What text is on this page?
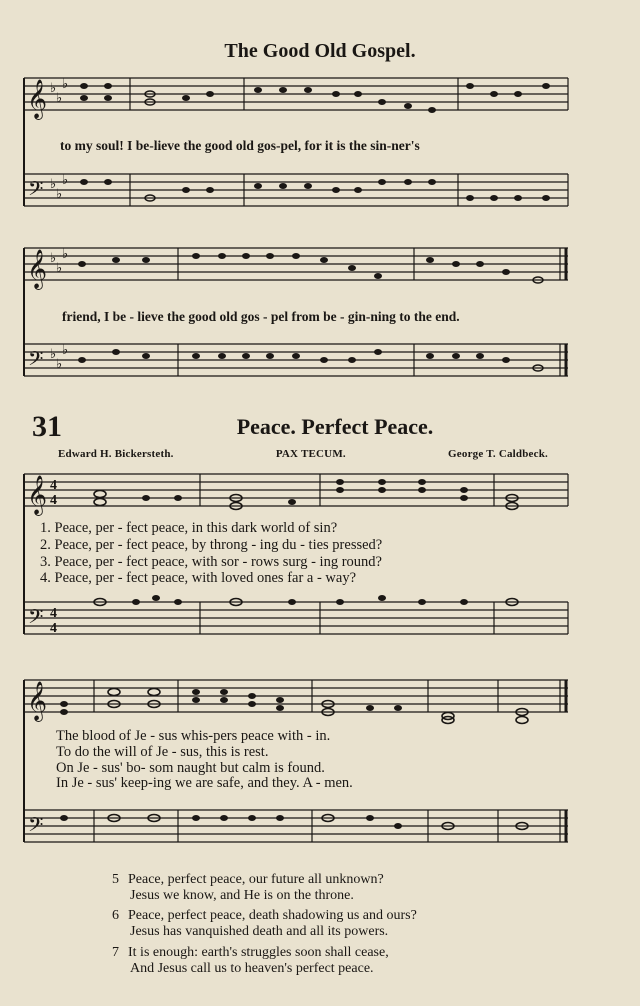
The Good Old Gospel.
𝄞
𝄢
♭
♭
♭
♭
♭
♭
to my soul! I be-lieve the good old gos-pel, for it is the sin-ner's
𝄞
𝄢
♭
♭
♭
♭
♭
♭
friend, I be - lieve the good old gos - pel from be - gin-ning to the end.
31	Peace. Perfect Peace.
Edward H. Bickersteth.	PAX TECUM.	George T. Caldbeck.
𝄞
𝄢
4
4
4
4
1. Peace, per - fect peace, in this dark world of sin?
2. Peace, per - fect peace, by throng - ing du - ties pressed?
3. Peace, per - fect peace, with sor - rows surg - ing round?
4. Peace, per - fect peace, with loved ones far a - way?
𝄞
𝄢
The blood of Je - sus whis-pers peace with - in.
To do the will of Je - sus, this is rest.
On Je - sus' bo- som naught but calm is found.
In Je - sus' keep-ing we are safe, and they. A - men.
5 Peace, perfect peace, our future all unknown?
Jesus we know, and He is on the throne.
6 Peace, perfect peace, death shadowing us and ours?
Jesus has vanquished death and all its powers.
7 It is enough: earth's struggles soon shall cease,
And Jesus call us to heaven's perfect peace.
